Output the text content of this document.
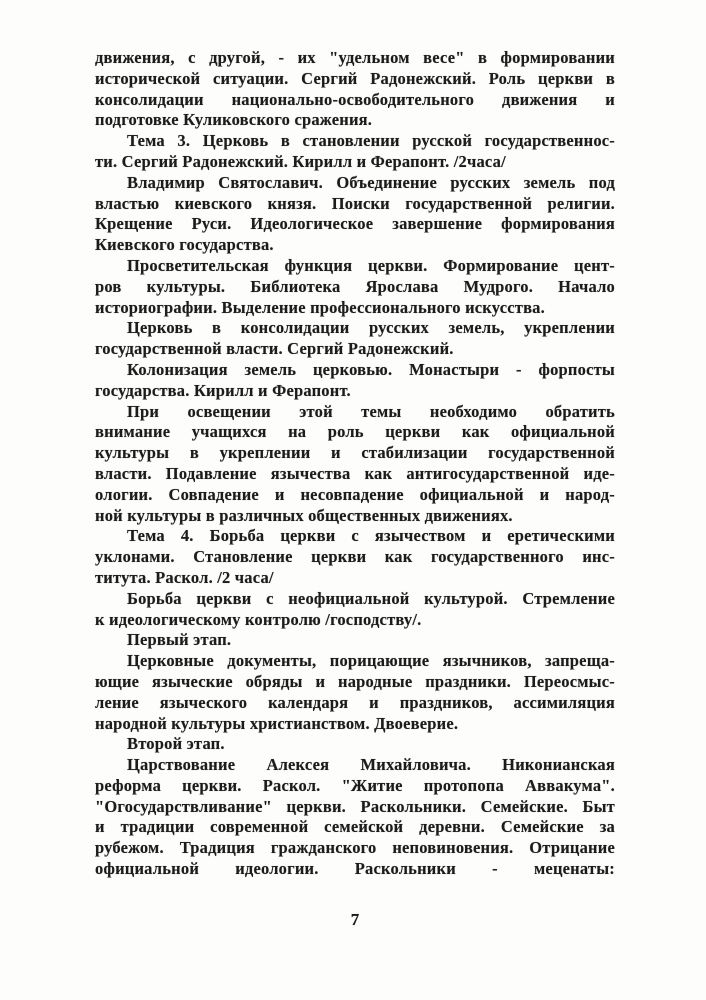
движения, с другой, - их "удельном весе" в формировании
исторической ситуации. Сергий Радонежский. Роль церкви в
консолидации национально-освободительного движения и
подготовке Куликовского сражения.
Тема 3. Церковь в становлении русской государственнос-
ти. Сергий Радонежский. Кирилл и Ферапонт. /2часа/
Владимир Святославич. Объединение русских земель под
властью киевского князя. Поиски государственной религии.
Крещение Руси. Идеологическое завершение формирования
Киевского государства.
Просветительская функция церкви. Формирование цент-
ров культуры. Библиотека Ярослава Мудрого. Начало
историографии. Выделение профессионального искусства.
Церковь в консолидации русских земель, укреплении
государственной власти. Сергий Радонежский.
Колонизация земель церковью. Монастыри - форпосты
государства. Кирилл и Ферапонт.
При освещении этой темы необходимо обратить
внимание учащихся на роль церкви как официальной
культуры в укреплении и стабилизации государственной
власти. Подавление язычества как антигосударственной иде-
ологии. Совпадение и несовпадение официальной и народ-
ной культуры в различных общественных движениях.
Тема 4. Борьба церкви с язычеством и еретическими
уклонами. Становление церкви как государственного инс-
титута. Раскол. /2 часа/
Борьба церкви с неофициальной культурой. Стремление
к идеологическому контролю /господству/.
Первый этап.
Церковные документы, порицающие язычников, запреща-
ющие языческие обряды и народные праздники. Переосмыс-
ление языческого календаря и праздников, ассимиляция
народной культуры христианством. Двоеверие.
Второй этап.
Царствование Алексея Михайловича. Никонианская
реформа церкви. Раскол. "Житие протопопа Аввакума".
"Огосударствливание" церкви. Раскольники. Семейские. Быт
и традиции современной семейской деревни. Семейские за
рубежом. Традиция гражданского неповиновения. Отрицание
официальной идеологии. Раскольники - меценаты:
7
